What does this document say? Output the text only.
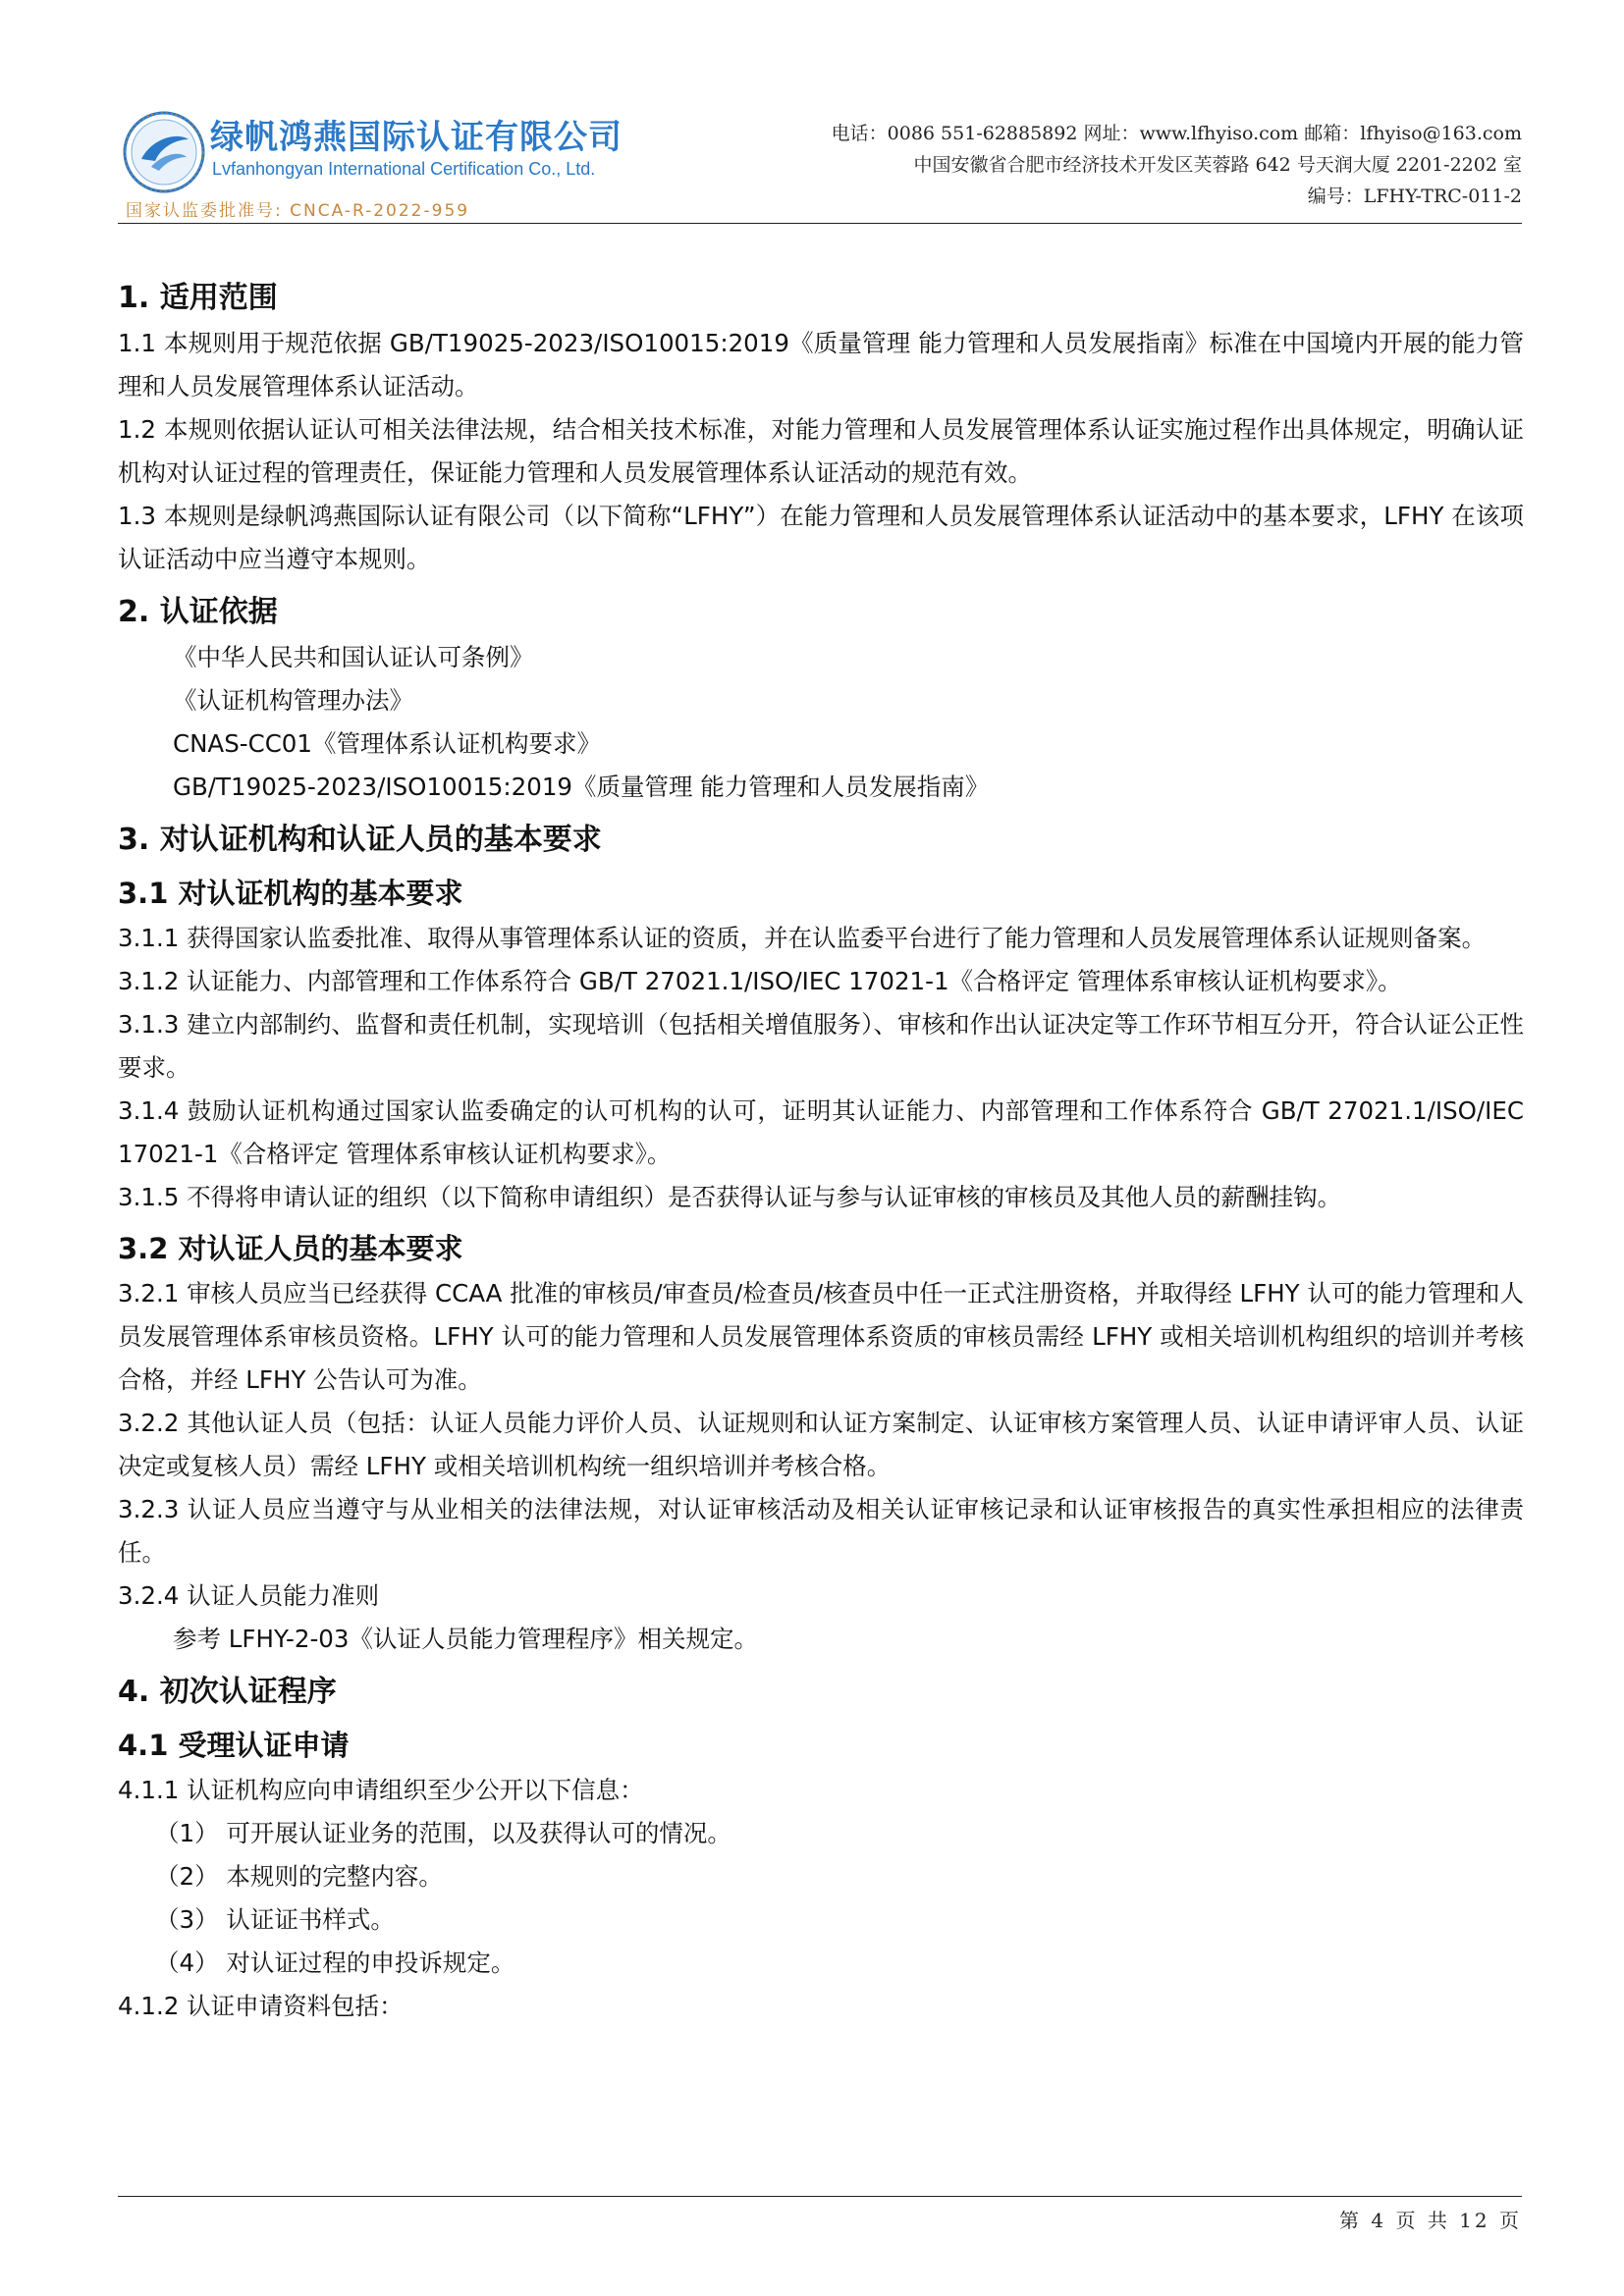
绿帆鸿燕国际认证有限公司
Lvfanhongyan International Certification Co., Ltd.
国家认监委批准号: CNCA-R-2022-959
电话：0086 551-62885892 网址：www.lfhyiso.com 邮箱：lfhyiso@163.com
中国安徽省合肥市经济技术开发区芙蓉路 642 号天润大厦 2201-2202 室
编号：LFHY-TRC-011-2
1. 适用范围

1.1 本规则用于规范依据 GB/T19025-2023/ISO10015:2019《质量管理 能力管理和人员发展指南》标准在中国境内开展的能力管理和人员发展管理体系认证活动。

1.2 本规则依据认证认可相关法律法规，结合相关技术标准，对能力管理和人员发展管理体系认证实施过程作出具体规定，明确认证机构对认证过程的管理责任，保证能力管理和人员发展管理体系认证活动的规范有效。

1.3 本规则是绿帆鸿燕国际认证有限公司（以下简称“LFHY”）在能力管理和人员发展管理体系认证活动中的基本要求，LFHY 在该项认证活动中应当遵守本规则。

2. 认证依据
《中华人民共和国认证认可条例》
《认证机构管理办法》
CNAS-CC01《管理体系认证机构要求》
GB/T19025-2023/ISO10015:2019《质量管理 能力管理和人员发展指南》
3. 对认证机构和认证人员的基本要求
3.1 对认证机构的基本要求

3.1.1 获得国家认监委批准、取得从事管理体系认证的资质，并在认监委平台进行了能力管理和人员发展管理体系认证规则备案。

3.1.2 认证能力、内部管理和工作体系符合 GB/T 27021.1/ISO/IEC 17021-1《合格评定 管理体系审核认证机构要求》。

3.1.3 建立内部制约、监督和责任机制，实现培训（包括相关增值服务）、审核和作出认证决定等工作环节相互分开，符合认证公正性要求。

3.1.4 鼓励认证机构通过国家认监委确定的认可机构的认可，证明其认证能力、内部管理和工作体系符合 GB/T 27021.1/ISO/IEC 17021-1《合格评定 管理体系审核认证机构要求》。

3.1.5 不得将申请认证的组织（以下简称申请组织）是否获得认证与参与认证审核的审核员及其他人员的薪酬挂钩。

3.2 对认证人员的基本要求

3.2.1 审核人员应当已经获得 CCAA 批准的审核员/审查员/检查员/核查员中任一正式注册资格，并取得经 LFHY 认可的能力管理和人员发展管理体系审核员资格。LFHY 认可的能力管理和人员发展管理体系资质的审核员需经 LFHY 或相关培训机构组织的培训并考核合格，并经 LFHY 公告认可为准。

3.2.2 其他认证人员（包括：认证人员能力评价人员、认证规则和认证方案制定、认证审核方案管理人员、认证申请评审人员、认证决定或复核人员）需经 LFHY 或相关培训机构统一组织培训并考核合格。

3.2.3 认证人员应当遵守与从业相关的法律法规，对认证审核活动及相关认证审核记录和认证审核报告的真实性承担相应的法律责任。

3.2.4 认证人员能力准则

参考 LFHY-2-03《认证人员能力管理程序》相关规定。
4. 初次认证程序
4.1 受理认证申请

4.1.1 认证机构应向申请组织至少公开以下信息：

（1） 可开展认证业务的范围，以及获得认可的情况。
（2） 本规则的完整内容。
（3） 认证证书样式。
（4） 对认证过程的申投诉规定。

4.1.2 认证申请资料包括：

第 4 页 共 12 页
